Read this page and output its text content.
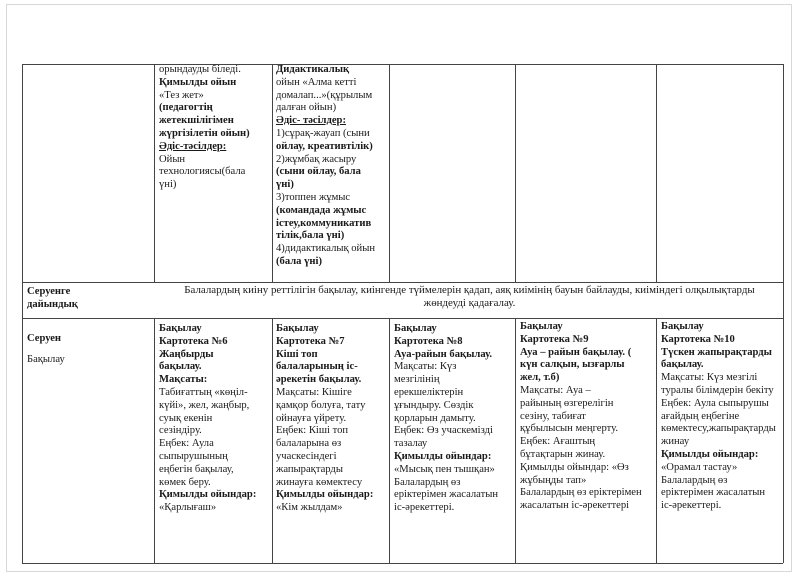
орындауды біледі.
Қимылды ойын
«Тез жет»
(педагогтің
жетекшілігімен
жүргізілетін ойын)
Әдіс-тәсілдер:
Ойын
технологиясы(бала
үні)
Дидактикалық
ойын «Алма кетті
домалап...»(құрылым
далған ойын)
Әдіс- тәсілдер:
1)сұрақ-жауап (сыни
ойлау, креативтілік)
2)жұмбақ жасыру
(сыни ойлау, бала
үні)
3)топпен жұмыс
(командада жұмыс
істеу,коммуникатив
тілік,бала үні)
4)дидактикалық ойын
(бала үні)
Серуенге
дайындық
Балалардың киіну реттілігін бақылау, киінгенде түймелерін қадап, аяқ киімінің бауын байлауды, киіміндегі олқылықтарды
жөндеуді қадағалау.
Серуен
Бақылау
Бақылау
Картотека №6
Жаңбырды
бақылау.
Мақсаты:
Табиғаттың «көңіл-
күйі», жел, жаңбыр,
суық екенін
сезіндіру.
Еңбек: Аула
сыпырушының
еңбегін бақылау,
көмек беру.
Қимылды ойындар:
«Қарлығаш»
Бақылау
Картотека №7
Кіші топ
балаларының іс-
әрекетін бақылау.
Мақсаты: Кішіге
қамқор болуға, тату
ойнауға үйрету.
Еңбек: Кіші топ
балаларына өз
учаскесіндегі
жапырақтарды
жинауға көмектесу
Қимылды ойындар:
«Кім жылдам»
Бақылау
Картотека №8
Ауа-райын бақылау.
Мақсаты: Күз
мезгілінің
ерекшеліктерін
ұғындыру. Сөздік
қорларын дамыту.
Еңбек: Өз учаскемізді
тазалау
Қимылды ойындар:
«Мысық пен тышқан»
Балалардың өз
еріктерімен жасалатын
іс-әрекеттері.
Бақылау
Картотека №9
Ауа – райын бақылау. (
күн салқын, ызғарлы
жел, т.б)
Мақсаты: Ауа –
райының өзгерелігін
сезіну, табиғат
құбылысын меңгерту.
Еңбек: Ағаштың
бұтақтарын жинау.
Қимылды ойындар: «Өз
жұбыңды тап»
Балалардың өз еріктерімен
жасалатын іс-әрекеттері
Бақылау
Картотека №10
Түскен жапырақтарды
бақылау.
Мақсаты: Күз мезгілі
туралы білімдерін бекіту
Еңбек: Аула сыпырушы
ағайдың еңбегіне
көмектесу,жапырақтарды
жинау
Қимылды ойындар:
«Орамал тастау»
Балалардың өз
еріктерімен жасалатын
іс-әрекеттері.
